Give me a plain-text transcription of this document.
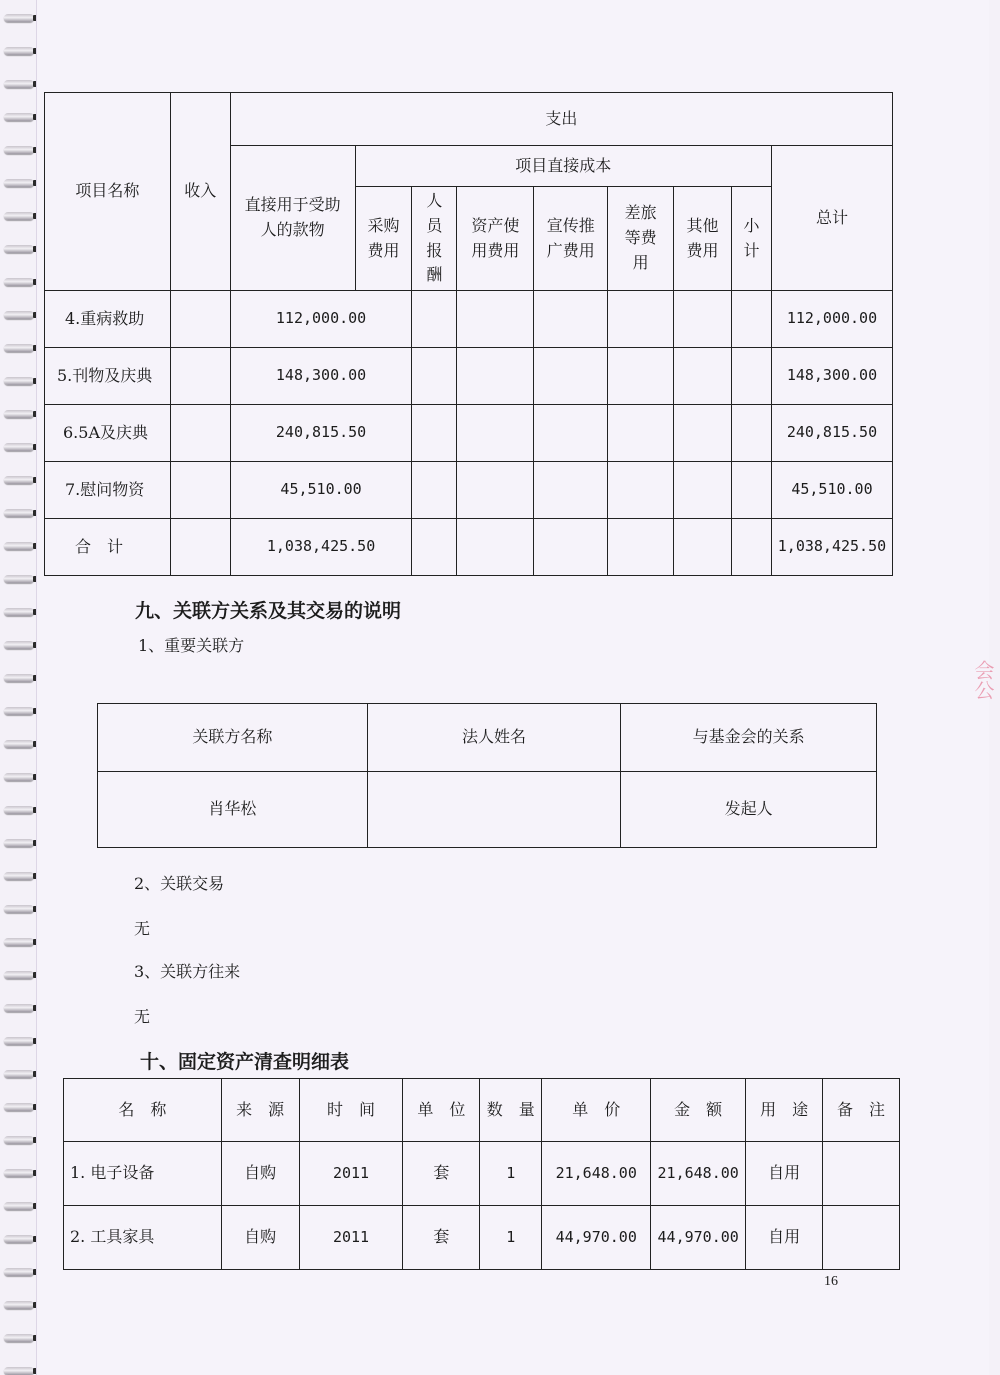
项目名称	收入	支出								
		直接用于受助人的款物	项目直接成本							总计
			采购费用	人员报酬	资产使用费用	宣传推广费用	差旅等费用	其他费用	小计	
4.重病救助		112,000.00								112,000.00
5.刊物及庆典		148,300.00								148,300.00
6.5A及庆典		240,815.50								240,815.50
7.慰问物资		45,510.00								45,510.00
合　计		1,038,425.50								1,038,425.50
九、关联方关系及其交易的说明
1、重要关联方
关联方名称	法人姓名	与基金会的关系
肖华松		发起人
2、关联交易
无
3、关联方往来
无
十、固定资产清查明细表
名　称	来　源	时　间	单　位	数　量	单　价	金　额	用　途	备　注
1. 电子设备	自购	2011	套	1	21,648.00	21,648.00	自用	
2. 工具家具	自购	2011	套	1	44,970.00	44,970.00	自用	
16
会公
